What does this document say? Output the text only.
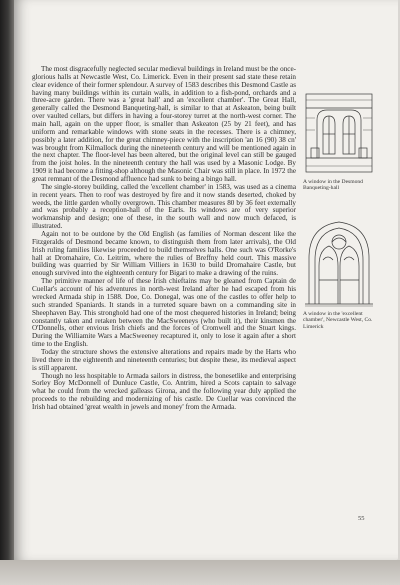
The most disgracefully neglected secular medieval buildings in Ireland must be the once-glorious halls at Newcastle West, Co. Limerick. Even in their present sad state these retain clear evidence of their former splendour. A survey of 1583 describes this Desmond Castle as having many buildings within its curtain walls, in addition to a fish-pond, orchards and a three-acre garden. There was a 'great hall' and an 'excellent chamber'. The Great Hall, generally called the Desmond Banqueting-hall, is similar to that at Askeaton, being built over vaulted cellars, but differs in having a four-storey turret at the north-west corner. The main hall, again on the upper floor, is smaller than Askeaton (25 by 21 feet), and has uniform and remarkable windows with stone seats in the recesses. There is a chimney, possibly a later addition, for the great chimney-piece with the inscription 'an 16 (90) 38 cn' was brought from Kilmallock during the nineteenth century and will be mentioned again in the next chapter. The floor-level has been altered, but the original level can still be gauged from the joist holes. In the nineteenth century the hall was used by a Masonic Lodge. By 1909 it had become a fitting-shop although the Masonic Chair was still in place. In 1972 the great remnant of the Desmond affluence had sunk to being a bingo hall.

The single-storey building, called the 'excellent chamber' in 1583, was used as a cinema in recent years. Then to roof was destroyed by fire and it now stands deserted, choked by weeds, the little garden wholly overgrown. This chamber measures 80 by 36 feet externally and was probably a reception-hall of the Earls. Its windows are of very superior workmanship and design; one of these, in the south wall and now much defaced, is illustrated.

Again not to be outdone by the Old English (as families of Norman descent like the Fitzgeralds of Desmond became known, to distinguish them from later arrivals), the Old Irish ruling families likewise proceeded to build themselves halls. One such was O'Rorke's hall at Dromahaire, Co. Leitrim, where the rulies of Breffny held court. This massive building was quarried by Sir William Villiers in 1630 to build Dromahaire Castle, but enough survived into the eighteenth century for Bigari to make a drawing of the ruins.

The primitive manner of life of these Irish chieftains may be gleaned from Captain de Cuellar's account of his adventures in north-west Ireland after he had escaped from his wrecked Armada ship in 1588. Doe, Co. Donegal, was one of the castles to offer help to such stranded Spaniards. It stands in a turreted square bawn on a commanding site in Sheephaven Bay. This stronghold had one of the most chequered histories in Ireland; being constantly taken and retaken between the MacSweeneys (who built it), their kinsmen the O'Donnells, other envious Irish chiefs and the forces of Cromwell and the Stuart kings. During the Williamite Wars a MacSweeney recaptured it, only to lose it again after a short time to the English.

Today the structure shows the extensive alterations and repairs made by the Harts who lived there in the eighteenth and nineteenth centuries; but despite these, its medieval aspect is still apparent.

Though no less hospitable to Armada sailors in distress, the bonesetlike and enterprising Sorley Boy McDonnell of Dunluce Castle, Co. Antrim, hired a Scots captain to salvage what he could from the wrecked galleass Girona, and the following year duly applied the proceeds to the rebuilding and modernizing of his castle. De Cuellar was convinced the Irish had obtained 'great wealth in jewels and money' from the Armada.

A window in the Desmond Banqueting-hall
A window in the 'excellent chamber', Newcastle West, Co. Limerick
55
